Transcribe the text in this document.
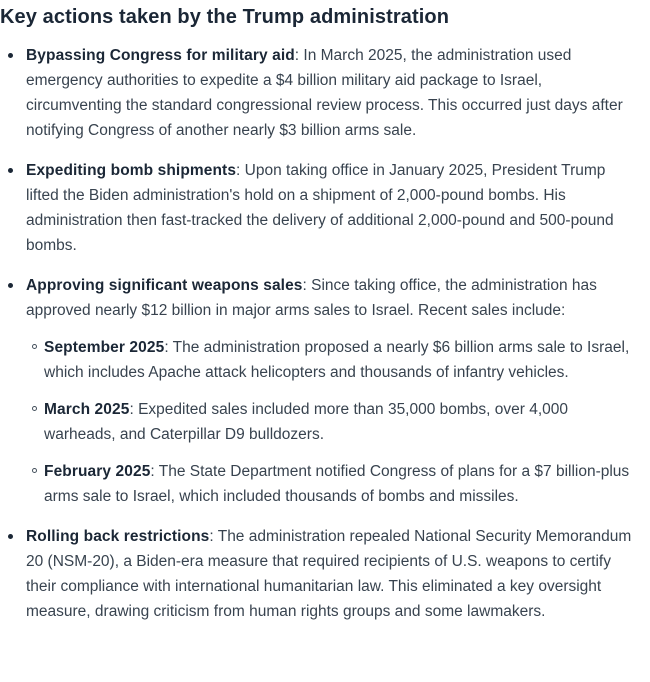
Key actions taken by the Trump administration
Bypassing Congress for military aid: In March 2025, the administration used emergency authorities to expedite a $4 billion military aid package to Israel, circumventing the standard congressional review process. This occurred just days after notifying Congress of another nearly $3 billion arms sale.
Expediting bomb shipments: Upon taking office in January 2025, President Trump lifted the Biden administration's hold on a shipment of 2,000-pound bombs. His administration then fast-tracked the delivery of additional 2,000-pound and 500-pound bombs.
Approving significant weapons sales: Since taking office, the administration has approved nearly $12 billion in major arms sales to Israel. Recent sales include:
September 2025: The administration proposed a nearly $6 billion arms sale to Israel, which includes Apache attack helicopters and thousands of infantry vehicles.
March 2025: Expedited sales included more than 35,000 bombs, over 4,000 warheads, and Caterpillar D9 bulldozers.
February 2025: The State Department notified Congress of plans for a $7 billion-plus arms sale to Israel, which included thousands of bombs and missiles.
Rolling back restrictions: The administration repealed National Security Memorandum 20 (NSM-20), a Biden-era measure that required recipients of U.S. weapons to certify their compliance with international humanitarian law. This eliminated a key oversight measure, drawing criticism from human rights groups and some lawmakers.
